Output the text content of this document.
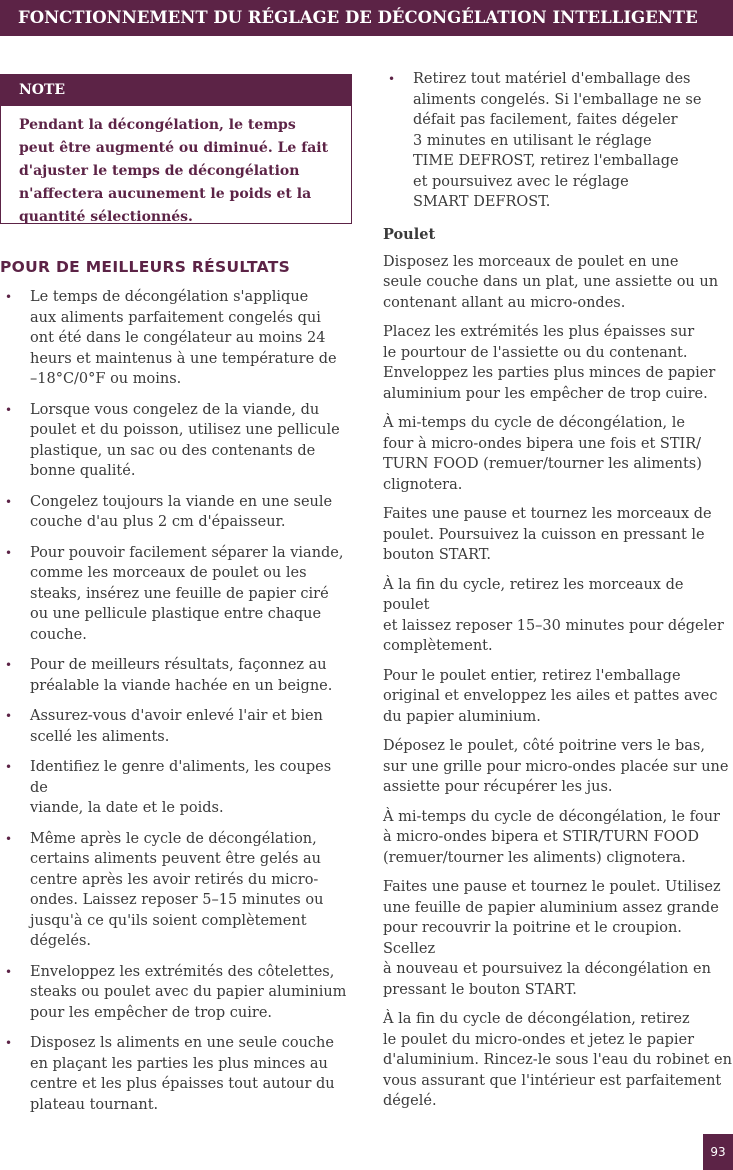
FONCTIONNEMENT DU RÉGLAGE DE DÉCONGÉLATION INTELLIGENTE
NOTE
Pendant la décongélation, le temps
peut être augmenté ou diminué. Le fait
d'ajuster le temps de décongélation
n'affectera aucunement le poids et la
quantité sélectionnés.
POUR DE MEILLEURS RÉSULTATS
• Le temps de décongélation s'applique
aux aliments parfaitement congelés qui
ont été dans le congélateur au moins 24
heurs et maintenus à une température de
–18°C/0°F ou moins.
• Lorsque vous congelez de la viande, du
poulet et du poisson, utilisez une pellicule
plastique, un sac ou des contenants de
bonne qualité.
• Congelez toujours la viande en une seule
couche d'au plus 2 cm d'épaisseur.
• Pour pouvoir facilement séparer la viande,
comme les morceaux de poulet ou les
steaks, insérez une feuille de papier ciré
ou une pellicule plastique entre chaque
couche.
• Pour de meilleurs résultats, façonnez au
préalable la viande hachée en un beigne.
• Assurez-vous d'avoir enlevé l'air et bien
scellé les aliments.
• Identifiez le genre d'aliments, les coupes de
viande, la date et le poids.
• Même après le cycle de décongélation,
certains aliments peuvent être gelés au
centre après les avoir retirés du micro-
ondes. Laissez reposer 5–15 minutes ou
jusqu'à ce qu'ils soient complètement
dégelés.
• Enveloppez les extrémités des côtelettes,
steaks ou poulet avec du papier aluminium
pour les empêcher de trop cuire.
• Disposez ls aliments en une seule couche
en plaçant les parties les plus minces au
centre et les plus épaisses tout autour du
plateau tournant.
• Retirez tout matériel d'emballage des
aliments congelés. Si l'emballage ne se
défait pas facilement, faites dégeler
3 minutes en utilisant le réglage
TIME DEFROST, retirez l'emballage
et poursuivez avec le réglage
SMART DEFROST.
Poulet

Disposez les morceaux de poulet en une
seule couche dans un plat, une assiette ou un
contenant allant au micro-ondes.

Placez les extrémités les plus épaisses sur
le pourtour de l'assiette ou du contenant.
Enveloppez les parties plus minces de papier
aluminium pour les empêcher de trop cuire.

À mi-temps du cycle de décongélation, le
four à micro-ondes bipera une fois et STIR/
TURN FOOD (remuer/tourner les aliments)
clignotera.

Faites une pause et tournez les morceaux de
poulet. Poursuivez la cuisson en pressant le
bouton START.

À la fin du cycle, retirez les morceaux de poulet
et laissez reposer 15–30 minutes pour dégeler
complètement.

Pour le poulet entier, retirez l'emballage
original et enveloppez les ailes et pattes avec
du papier aluminium.

Déposez le poulet, côté poitrine vers le bas,
sur une grille pour micro-ondes placée sur une
assiette pour récupérer les jus.

À mi-temps du cycle de décongélation, le four
à micro-ondes bipera et STIR/TURN FOOD
(remuer/tourner les aliments) clignotera.

Faites une pause et tournez le poulet. Utilisez
une feuille de papier aluminium assez grande
pour recouvrir la poitrine et le croupion. Scellez
à nouveau et poursuivez la décongélation en
pressant le bouton START.

À la fin du cycle de décongélation, retirez
le poulet du micro-ondes et jetez le papier
d'aluminium. Rincez-le sous l'eau du robinet en
vous assurant que l'intérieur est parfaitement
dégelé.

93
